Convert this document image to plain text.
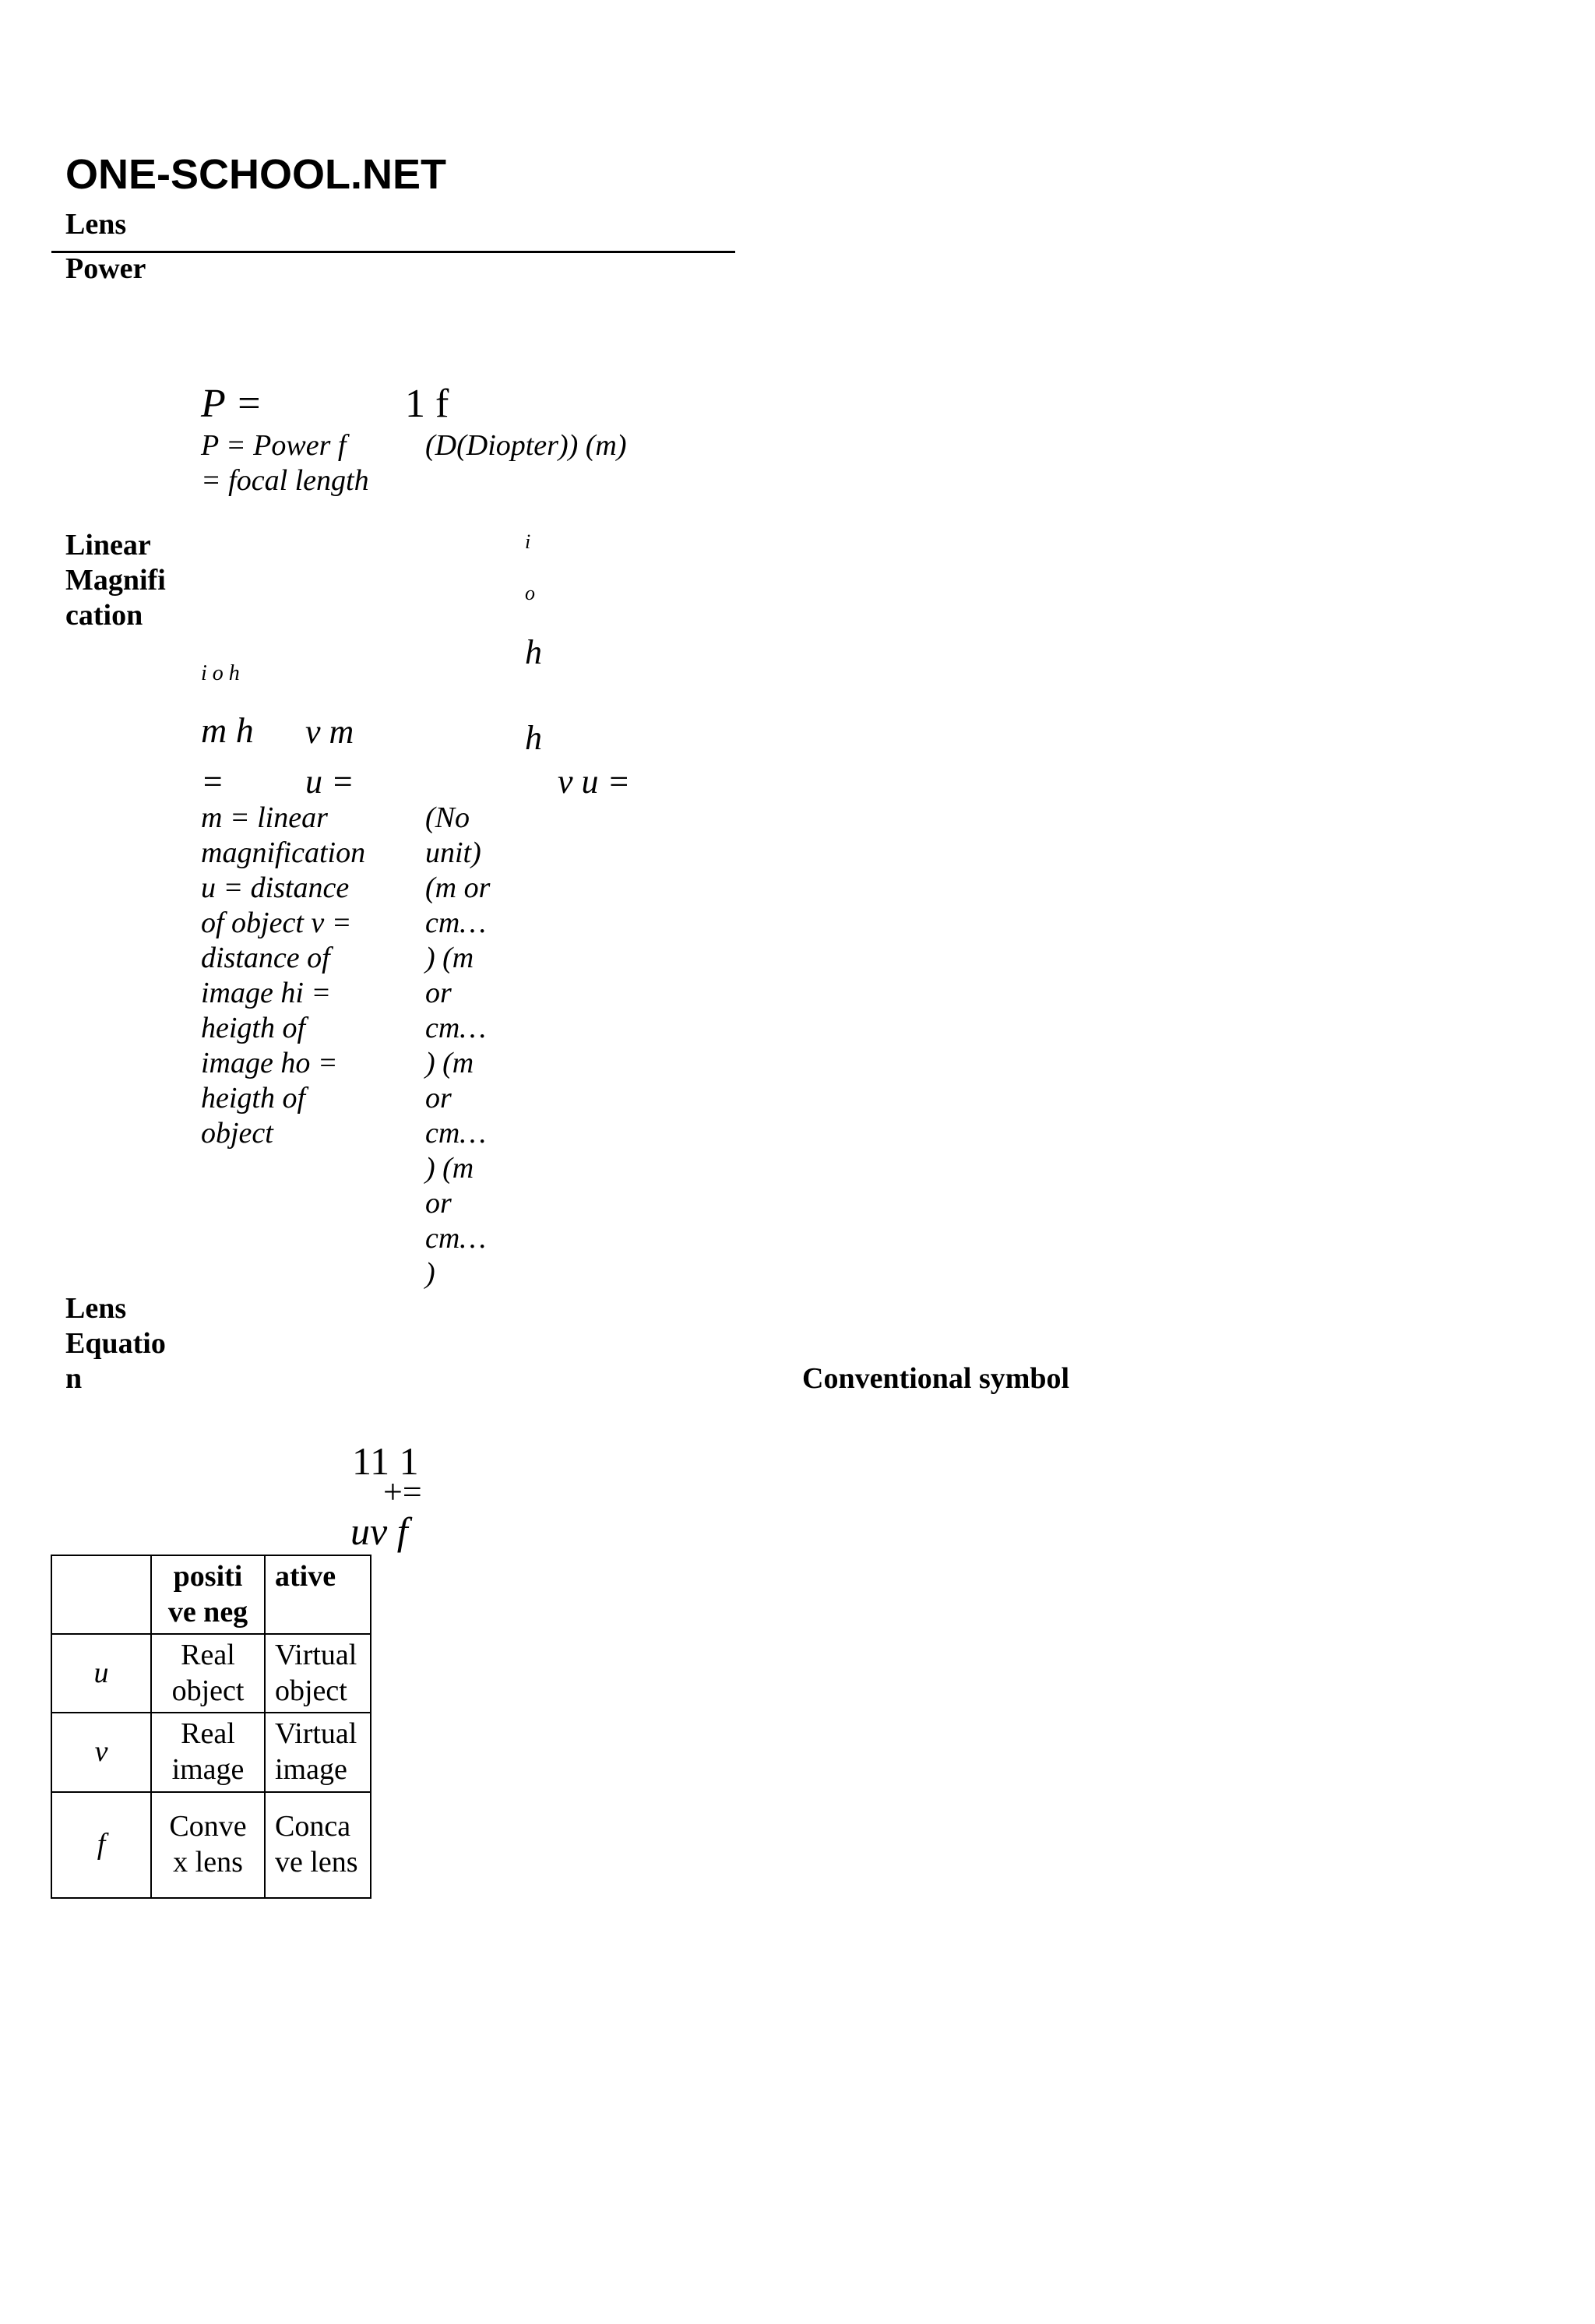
ONE-SCHOOL.NET
Lens
Power
P =	1 f
P = Power f
= focal length
(D(Diopter)) (m)
Linear
Magnifi
cation
i
o
h
h
v u =
i o h
m h v m
= u =
m = linear
magnification
u = distance
of object v =
distance of
image hi =
heigth of
image ho =
heigth of
object
(No
unit)
(m or
cm…
) (m
or
cm…
) (m
or
cm…
) (m
or
cm…
)
Lens
Equatio
n	Conventional symbol
11 1
+=
uv f
	positi ve neg	ative
u	Real object	Virtual object
v	Real image	Virtual image
f	Conve x lens	Conca ve lens
